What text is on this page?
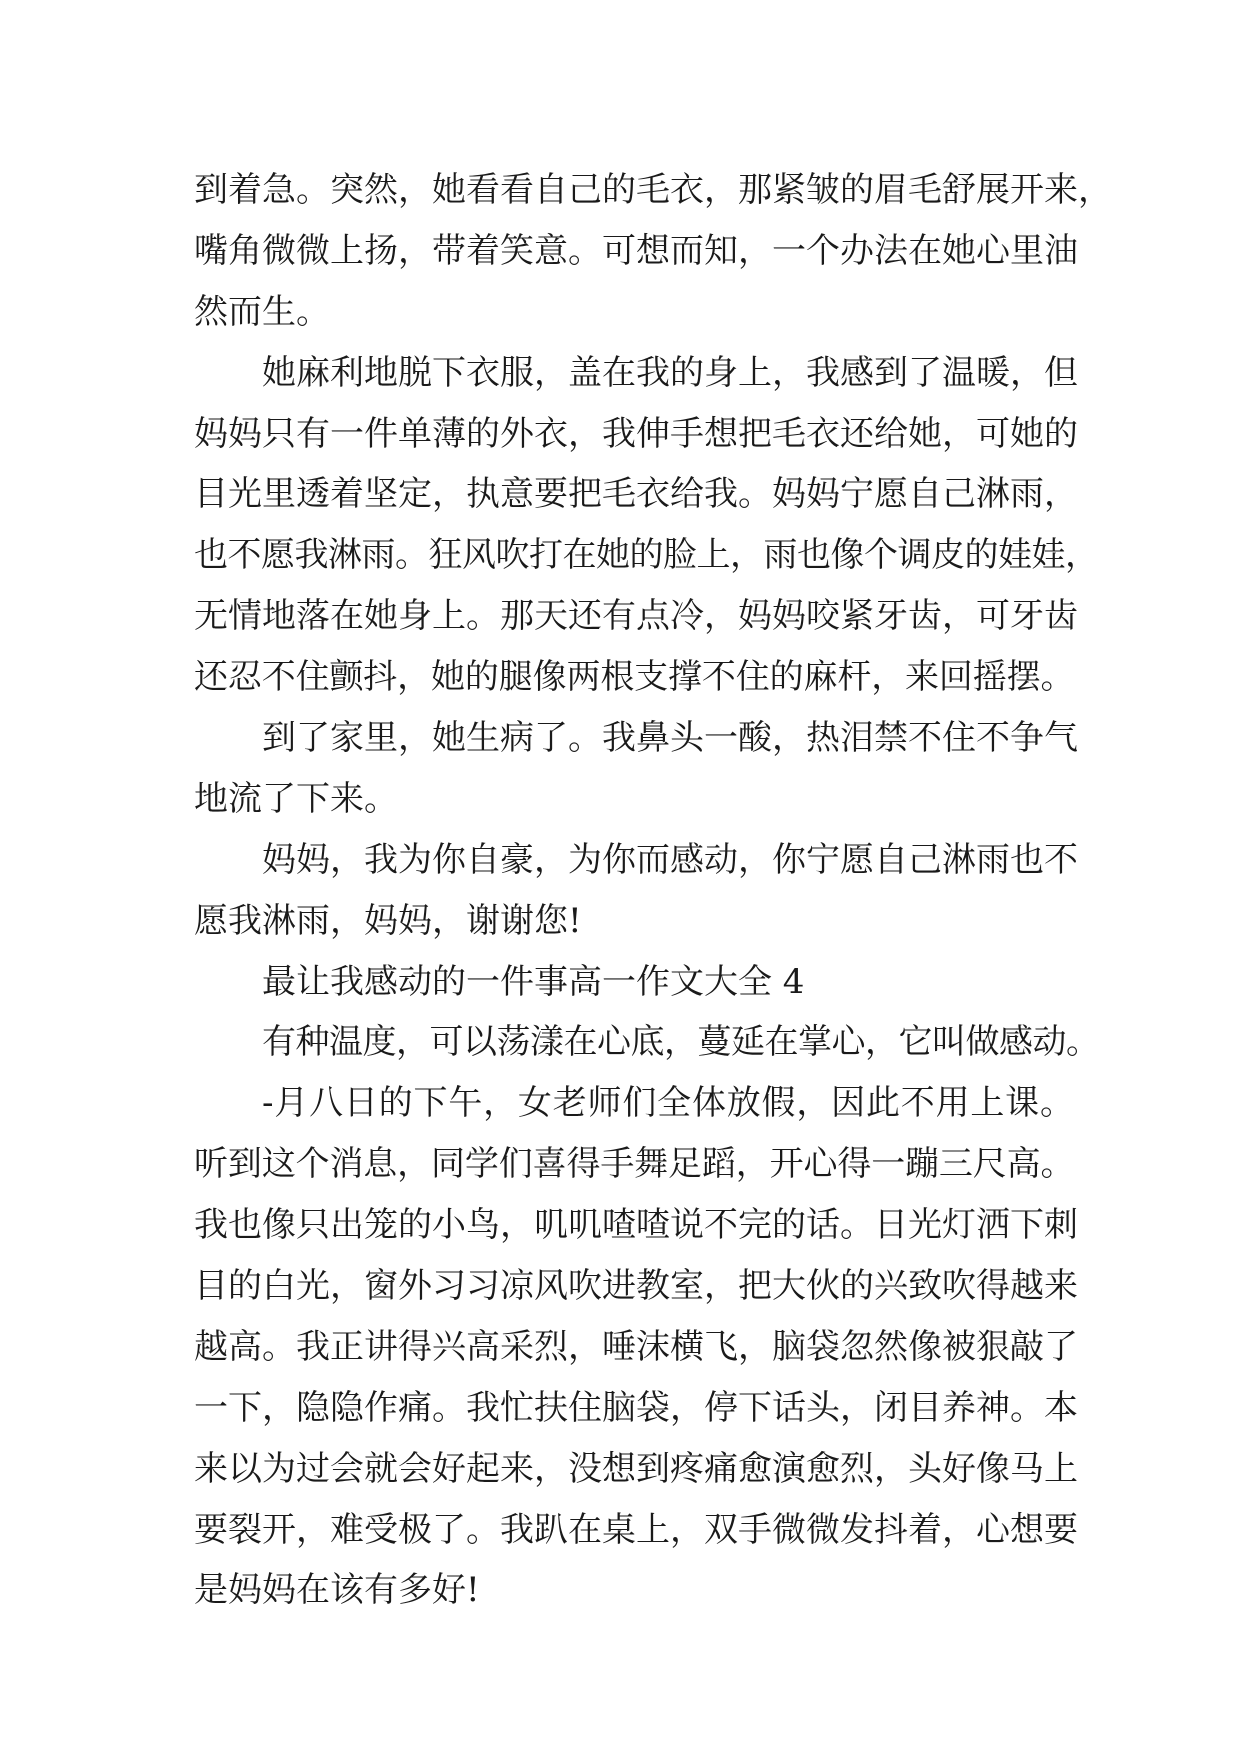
到着急。突然，她看看自己的毛衣，那紧皱的眉毛舒展开来，
嘴角微微上扬，带着笑意。可想而知，一个办法在她心里油
然而生。
她麻利地脱下衣服，盖在我的身上，我感到了温暖，但
妈妈只有一件单薄的外衣，我伸手想把毛衣还给她，可她的
目光里透着坚定，执意要把毛衣给我。妈妈宁愿自己淋雨，
也不愿我淋雨。狂风吹打在她的脸上，雨也像个调皮的娃娃，
无情地落在她身上。那天还有点冷，妈妈咬紧牙齿，可牙齿
还忍不住颤抖，她的腿像两根支撑不住的麻杆，来回摇摆。
到了家里，她生病了。我鼻头一酸，热泪禁不住不争气
地流了下来。
妈妈，我为你自豪，为你而感动，你宁愿自己淋雨也不
愿我淋雨，妈妈，谢谢您!
最让我感动的一件事高一作文大全 4
有种温度，可以荡漾在心底，蔓延在掌心，它叫做感动。
-月八日的下午，女老师们全体放假，因此不用上课。
听到这个消息，同学们喜得手舞足蹈，开心得一蹦三尺高。
我也像只出笼的小鸟，叽叽喳喳说不完的话。日光灯洒下刺
目的白光，窗外习习凉风吹进教室，把大伙的兴致吹得越来
越高。我正讲得兴高采烈，唾沫横飞，脑袋忽然像被狠敲了
一下，隐隐作痛。我忙扶住脑袋，停下话头，闭目养神。本
来以为过会就会好起来，没想到疼痛愈演愈烈，头好像马上
要裂开，难受极了。我趴在桌上，双手微微发抖着，心想要
是妈妈在该有多好!
